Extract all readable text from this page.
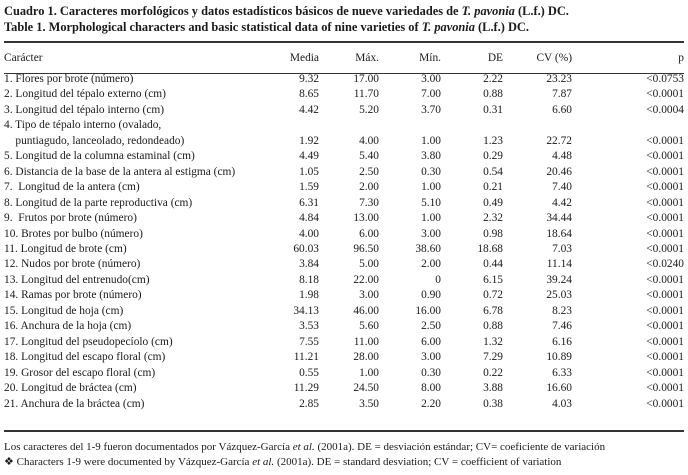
Cuadro 1. Caracteres morfológicos y datos estadísticos básicos de nueve variedades de T. pavonia (L.f.) DC.
Table 1. Morphological characters and basic statistical data of nine varieties of T. pavonia (L.f.) DC.
Carácter	Media	Máx.	Mín.	DE	CV (%)	p
1. Flores por brote (número)	9.32	17.00	3.00	2.22	23.23	<0.0753
2. Longitud del tépalo externo (cm)	8.65	11.70	7.00	0.88	7.87	<0.0001
3. Longitud del tépalo interno (cm)	4.42	5.20	3.70	0.31	6.60	<0.0004
4. Tipo de tépalo interno (ovalado,						
puntiagudo, lanceolado, redondeado)	1.92	4.00	1.00	1.23	22.72	<0.0001
5. Longitud de la columna estaminal (cm)	4.49	5.40	3.80	0.29	4.48	<0.0001
6. Distancia de la base de la antera al estigma (cm)	1.05	2.50	0.30	0.54	20.46	<0.0001
7.  Longitud de la antera (cm)	1.59	2.00	1.00	0.21	7.40	<0.0001
8. Longitud de la parte reproductiva (cm)	6.31	7.30	5.10	0.49	4.42	<0.0001
9.  Frutos por brote (número)	4.84	13.00	1.00	2.32	34.44	<0.0001
10. Brotes por bulbo (número)	4.00	6.00	3.00	0.98	18.64	<0.0001
11. Longitud de brote (cm)	60.03	96.50	38.60	18.68	7.03	<0.0001
12. Nudos por brote (número)	3.84	5.00	2.00	0.44	11.14	<0.0240
13. Longitud del entrenudo(cm)	8.18	22.00	0	6.15	39.24	<0.0001
14. Ramas por brote (número)	1.98	3.00	0.90	0.72	25.03	<0.0001
15. Longitud de hoja (cm)	34.13	46.00	16.00	6.78	8.23	<0.0001
16. Anchura de la hoja (cm)	3.53	5.60	2.50	0.88	7.46	<0.0001
17. Longitud del pseudopecíolo (cm)	7.55	11.00	6.00	1.32	6.16	<0.0001
18. Longitud del escapo floral (cm)	11.21	28.00	3.00	7.29	10.89	<0.0001
19. Grosor del escapo floral (cm)	0.55	1.00	0.30	0.22	6.33	<0.0001
20. Longitud de bráctea (cm)	11.29	24.50	8.00	3.88	16.60	<0.0001
21. Anchura de la bráctea (cm)	2.85	3.50	2.20	0.38	4.03	<0.0001
Los caracteres del 1-9 fueron documentados por Vázquez-García et al. (2001a). DE = desviación estándar; CV= coeficiente de variación
❖ Characters 1-9 were documented by Vázquez-García et al. (2001a). DE = standard desviation; CV = coefficient of variation
